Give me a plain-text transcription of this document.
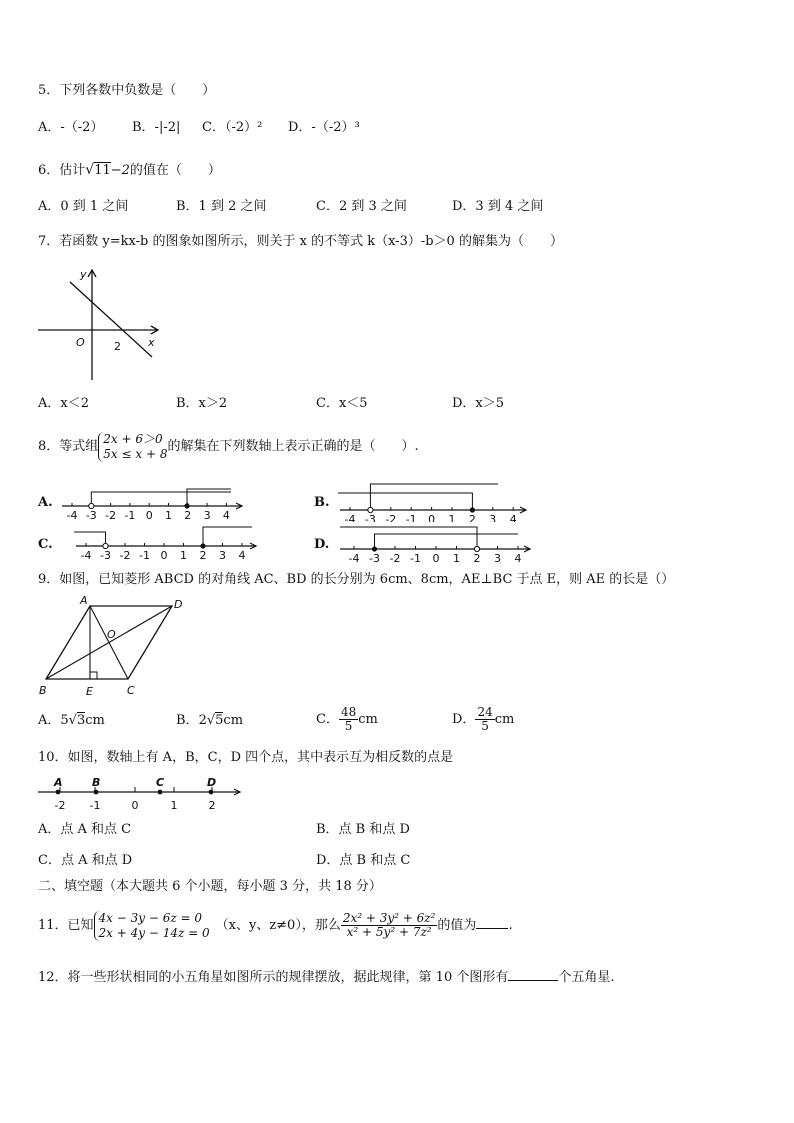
5．下列各数中负数是（　　）
A．-（-2） B．-|-2| C．（-2）² D．-（-2）³
6．估计√11−2的值在（　　）
A．0 到 1 之间	B．1 到 2 之间	C．2 到 3 之间	D．3 到 4 之间
7．若函数 y=kx-b 的图象如图所示，则关于 x 的不等式 k（x-3）-b＞0 的解集为（　　）
y
x
O	2
A．x＜2	B．x＞2	C．x＜5	D．x＞5
8．等式组2x + 6＞0
5x ≤ x + 8的解集在下列数轴上表示正确的是（　　）.
A.
-4 -3 -2 -1 0 1 2 3 4
B.
-4 -3 -2 -1 0 1 2 3 4
C.
-4 -3 -2 -1 0 1 2 3 4
D.
-4 -3 -2 -1 0 1 2 3 4
9．如图，已知菱形 ABCD 的对角线 AC、BD 的长分别为 6cm、8cm，AE⊥BC 于点 E，则 AE 的长是（）
A	D
O
B	E	C
A．5√3cm	B．2√5cm	C． $\frac{48}{5}$ cm	D． $\frac{24}{5}$ cm
10．如图，数轴上有 A，B，C，D 四个点，其中表示互为相反数的点是
-2 -1	0	1	2
A	B	C	D
A．点 A 和点 C	B．点 B 和点 D
C．点 A 和点 D	D．点 B 和点 C
二、填空题（本大题共 6 个小题，每小题 3 分，共 18 分）
11．已知4x − 3y − 6z = 0
2x + 4y − 14z = 0 （x、y、z≠0），那么 $\frac{\text{2x² + 3y² + 6z²}}{\text{x² + 5y² + 7z²}}$ 的值为 .
12．将一些形状相同的小五角星如图所示的规律摆放，据此规律，第 10 个图形有	个五角星.
